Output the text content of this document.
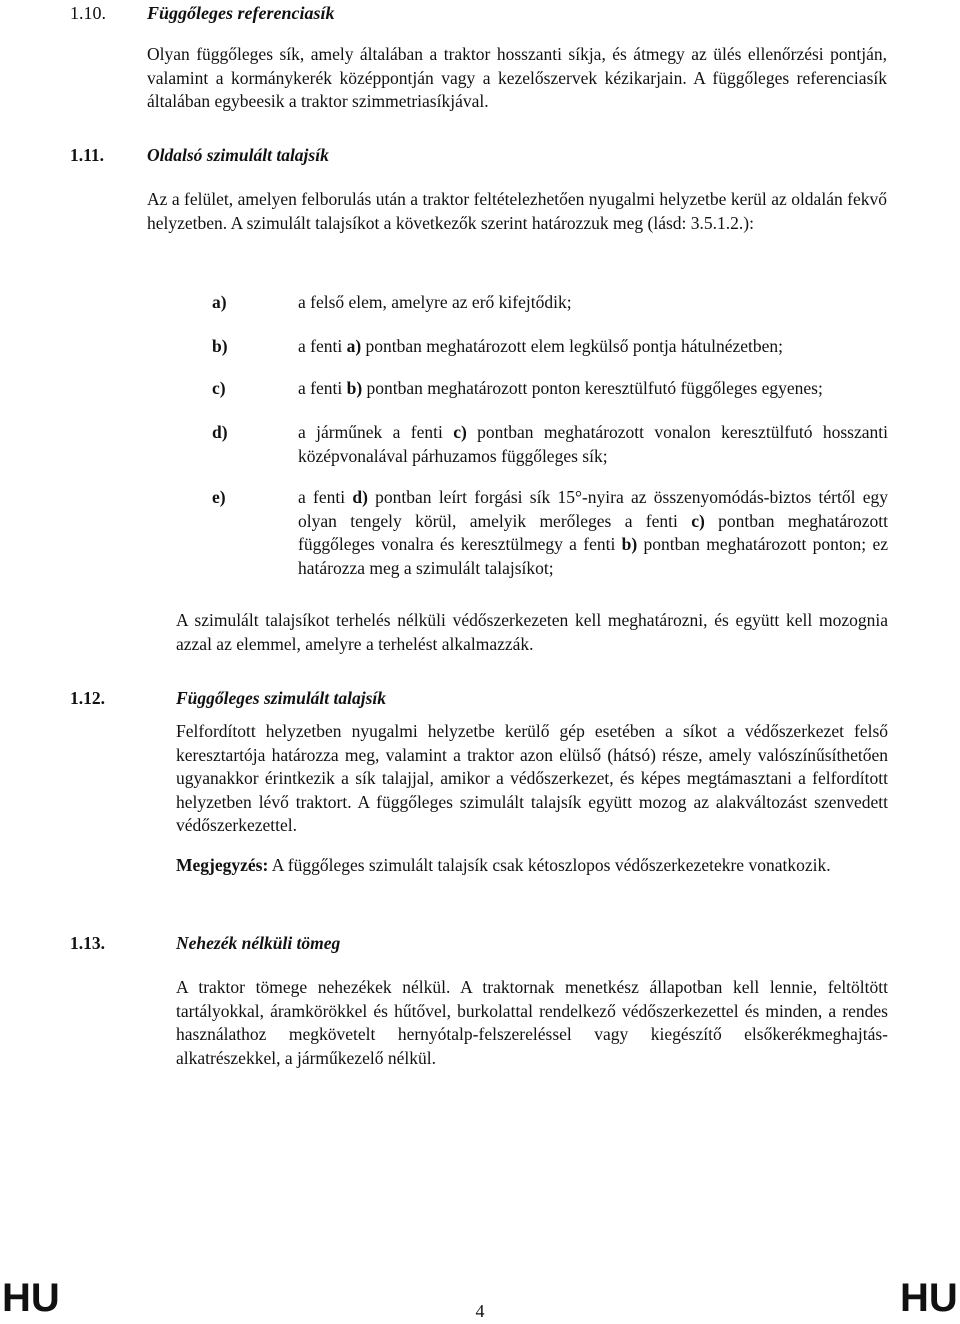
1.10. Függőleges referenciasík

Olyan függőleges sík, amely általában a traktor hosszanti síkja, és átmegy az ülés ellenőrzési pontján, valamint a kormánykerék középpontján vagy a kezelőszervek kézikarjain. A függőleges referenciasík általában egybeesik a traktor szimmetriasíkjával.

1.11. Oldalsó szimulált talajsík

Az a felület, amelyen felborulás után a traktor feltételezhetően nyugalmi helyzetbe kerül az oldalán fekvő helyzetben. A szimulált talajsíkot a következők szerint határozzuk meg (lásd: 3.5.1.2.):

a)	a felső elem, amelyre az erő kifejtődik;

b)	a fenti a) pontban meghatározott elem legkülső pontja hátulnézetben;

c)	a fenti b) pontban meghatározott ponton keresztülfutó függőleges egyenes;

d)	a járműnek a fenti c) pontban meghatározott vonalon keresztülfutó hosszanti középvonalával párhuzamos függőleges sík;

e)	a fenti d) pontban leírt forgási sík 15°-nyira az összenyomódás-biztos tértől egy olyan tengely körül, amelyik merőleges a fenti c) pontban meghatározott függőleges vonalra és keresztülmegy a fenti b) pontban meghatározott ponton; ez határozza meg a szimulált talajsíkot;

A szimulált talajsíkot terhelés nélküli védőszerkezeten kell meghatározni, és együtt kell mozognia azzal az elemmel, amelyre a terhelést alkalmazzák.

1.12.	Függőleges szimulált talajsík

Felfordított helyzetben nyugalmi helyzetbe kerülő gép esetében a síkot a védőszerkezet felső keresztartója határozza meg, valamint a traktor azon elülső (hátsó) része, amely valószínűsíthetően ugyanakkor érintkezik a sík talajjal, amikor a védőszerkezet, és képes megtámasztani a felfordított helyzetben lévő traktort. A függőleges szimulált talajsík együtt mozog az alakváltozást szenvedett védőszerkezettel.

Megjegyzés: A függőleges szimulált talajsík csak kétoszlopos védőszerkezetekre vonatkozik.

1.13.	Nehezék nélküli tömeg

A traktor tömege nehezékek nélkül. A traktornak menetkész állapotban kell lennie, feltöltött tartályokkal, áramkörökkel és hűtővel, burkolattal rendelkező védőszerkezettel és minden, a rendes használathoz megkövetelt hernyótalp-felszereléssel vagy kiegészítő elsőkerékmeghajtás-alkatrészekkel, a járműkezelő nélkül.

HU	4	HU
